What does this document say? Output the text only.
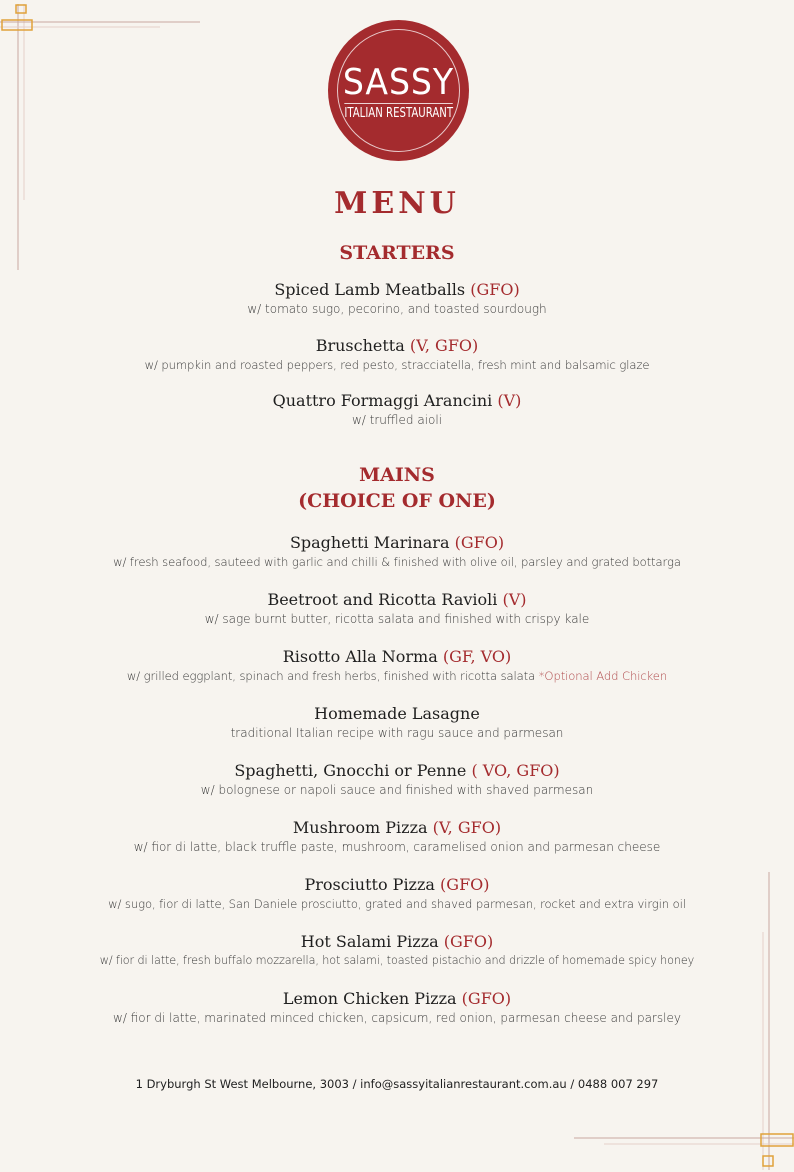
SASSY
ITALIAN RESTAURANT
MENU
STARTERS
Spiced Lamb Meatballs (GFO)
w/ tomato sugo, pecorino, and toasted sourdough
Bruschetta (V, GFO)
w/ pumpkin and roasted peppers, red pesto, stracciatella, fresh mint and balsamic glaze
Quattro Formaggi Arancini (V)
w/ truffled aioli
MAINS
(CHOICE OF ONE)
Spaghetti Marinara (GFO)
w/ fresh seafood, sauteed with garlic and chilli & finished with olive oil, parsley and grated bottarga
Beetroot and Ricotta Ravioli (V)
w/ sage burnt butter, ricotta salata and finished with crispy kale
Risotto Alla Norma (GF, VO)
w/ grilled eggplant, spinach and fresh herbs, finished with ricotta salata *Optional Add Chicken
Homemade Lasagne
traditional Italian recipe with ragu sauce and parmesan
Spaghetti, Gnocchi or Penne ( VO, GFO)
w/ bolognese or napoli sauce and finished with shaved parmesan
Mushroom Pizza (V, GFO)
w/ fior di latte, black truffle paste, mushroom, caramelised onion and parmesan cheese
Prosciutto Pizza (GFO)
w/ sugo, fior di latte, San Daniele prosciutto, grated and shaved parmesan, rocket and extra virgin oil
Hot Salami Pizza (GFO)
w/ fior di latte, fresh buffalo mozzarella, hot salami, toasted pistachio and drizzle of homemade spicy honey
Lemon Chicken Pizza (GFO)
w/ fior di latte, marinated minced chicken, capsicum, red onion, parmesan cheese and parsley
1 Dryburgh St West Melbourne, 3003 / info@sassyitalianrestaurant.com.au / 0488 007 297
